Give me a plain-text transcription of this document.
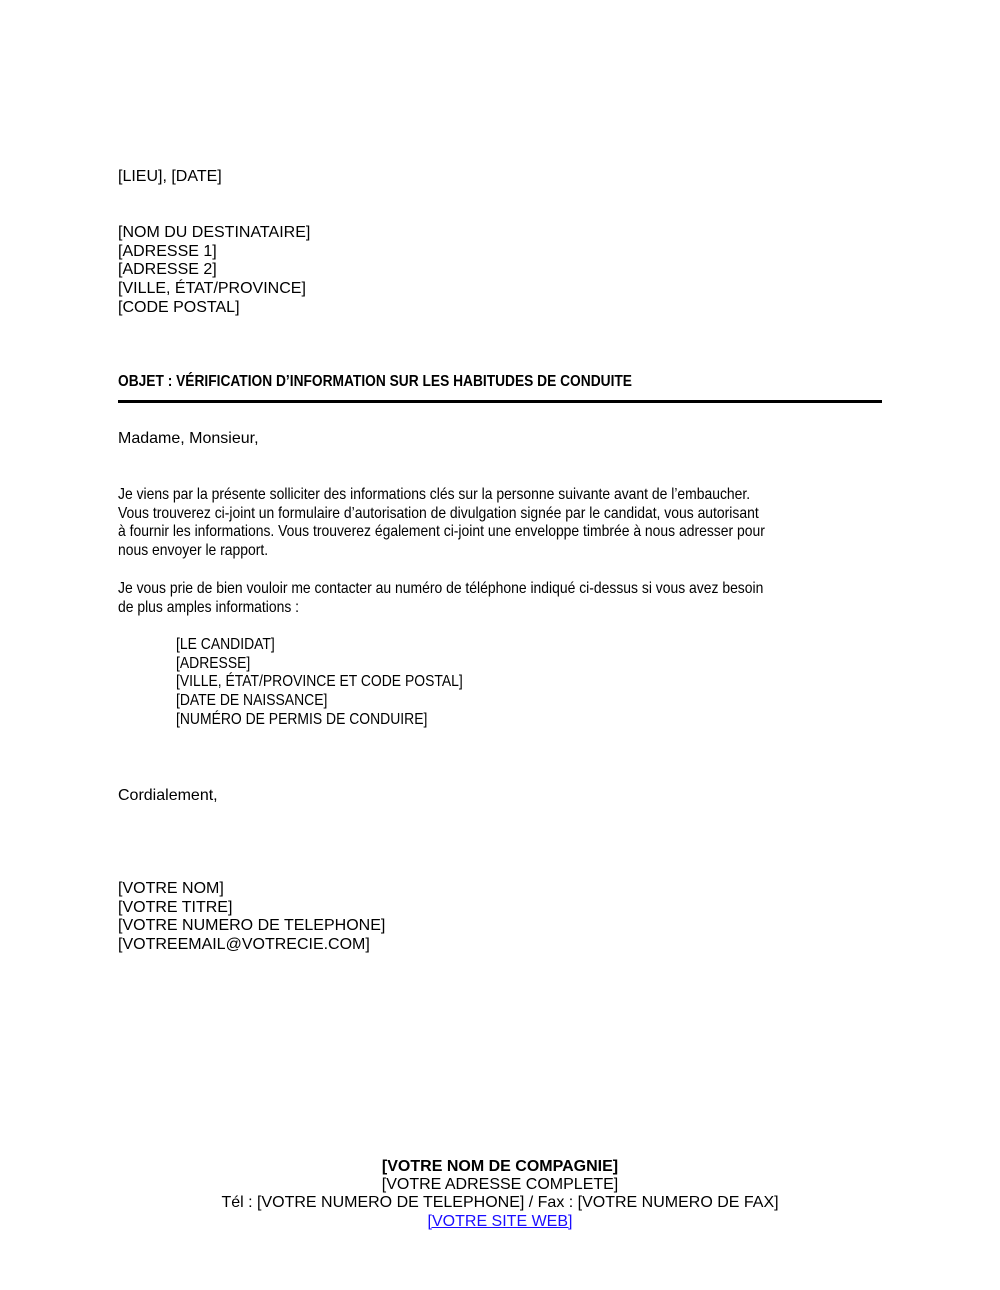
[LIEU], [DATE]
[NOM DU DESTINATAIRE]
[ADRESSE 1]
[ADRESSE 2]
[VILLE, ÉTAT/PROVINCE]
[CODE POSTAL]
OBJET : VÉRIFICATION D’INFORMATION SUR LES HABITUDES DE CONDUITE
Madame, Monsieur,
Je viens par la présente solliciter des informations clés sur la personne suivante avant de l’embaucher.
Vous trouverez ci-joint un formulaire d’autorisation de divulgation signée par le candidat, vous autorisant
à fournir les informations. Vous trouverez également ci-joint une enveloppe timbrée à nous adresser pour
nous envoyer le rapport.
Je vous prie de bien vouloir me contacter au numéro de téléphone indiqué ci-dessus si vous avez besoin
de plus amples informations :
[LE CANDIDAT]
[ADRESSE]
[VILLE, ÉTAT/PROVINCE ET CODE POSTAL]
[DATE DE NAISSANCE]
[NUMÉRO DE PERMIS DE CONDUIRE]
Cordialement,
[VOTRE NOM]
[VOTRE TITRE]
[VOTRE NUMERO DE TELEPHONE]
[VOTREEMAIL@VOTRECIE.COM]
[VOTRE NOM DE COMPAGNIE]
[VOTRE ADRESSE COMPLETE]
Tél : [VOTRE NUMERO DE TELEPHONE] / Fax : [VOTRE NUMERO DE FAX]
[VOTRE SITE WEB]
